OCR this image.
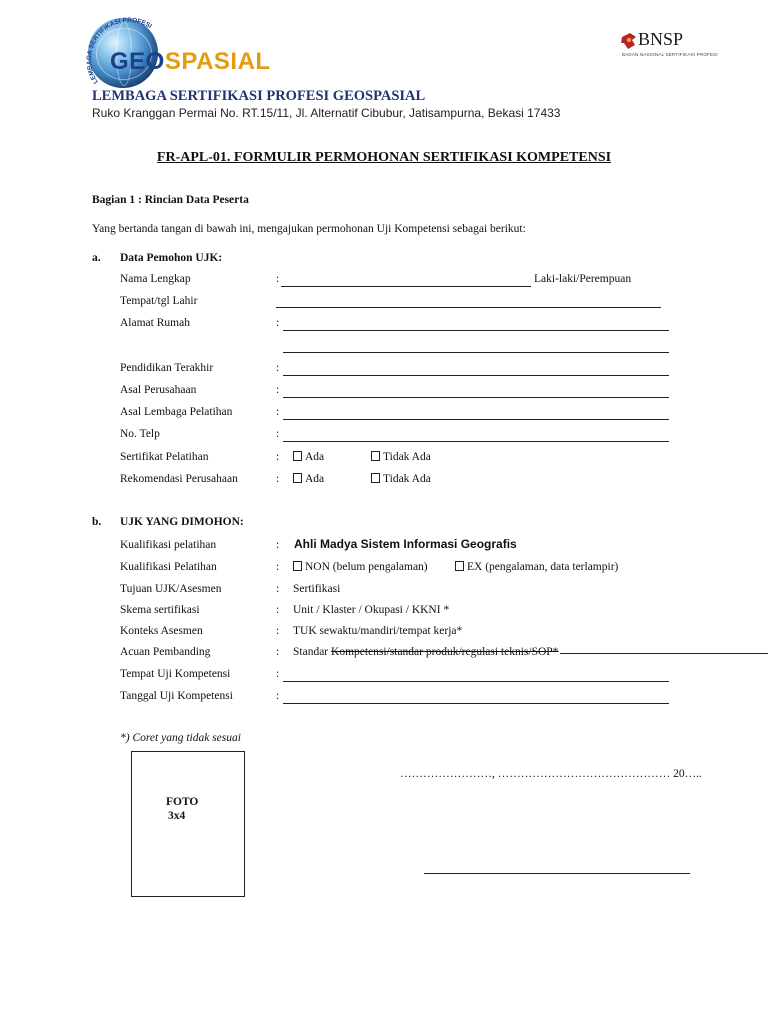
LEMBAGA SERTIFIKASI PROFESI
GEOSPASIAL
BNSP
BADAN NASIONAL SERTIFIKASI PROFESI
LEMBAGA SERTIFIKASI PROFESI GEOSPASIAL
Ruko Kranggan Permai No. RT.15/11, Jl. Alternatif Cibubur, Jatisampurna, Bekasi 17433
FR-APL-01. FORMULIR PERMOHONAN SERTIFIKASI KOMPETENSI
Bagian 1 : Rincian Data Peserta
Yang bertanda tangan di bawah ini, mengajukan permohonan Uji Kompetensi sebagai berikut:
a. Data Pemohon UJK:
Nama Lengkap	:	Laki-laki/Perempuan
Tempat/tgl Lahir
Alamat Rumah	:
Pendidikan Terakhir	:
Asal Perusahaan	:
Asal Lembaga Pelatihan	:
No. Telp	:
Sertifikat Pelatihan	:	Ada	Tidak Ada
Rekomendasi Perusahaan	:	Ada	Tidak Ada
b. UJK YANG DIMOHON:
Kualifikasi pelatihan	: Ahli Madya Sistem Informasi Geografis
Kualifikasi Pelatihan	:	NON (belum pengalaman)	EX (pengalaman, data terlampir)
Tujuan UJK/Asesmen	: Sertifikasi
Skema sertifikasi	: Unit / Klaster / Okupasi / KKNI *
Konteks Asesmen	: TUK sewaktu/mandiri/tempat kerja*
Acuan Pembanding	: Standar Kompetensi/standar produk/regulasi teknis/SOP*
Tempat Uji Kompetensi	:
Tanggal Uji Kompetensi	:
*) Coret yang tidak sesuai
FOTO
3x4
……………………, ……………………………………… 20…..
